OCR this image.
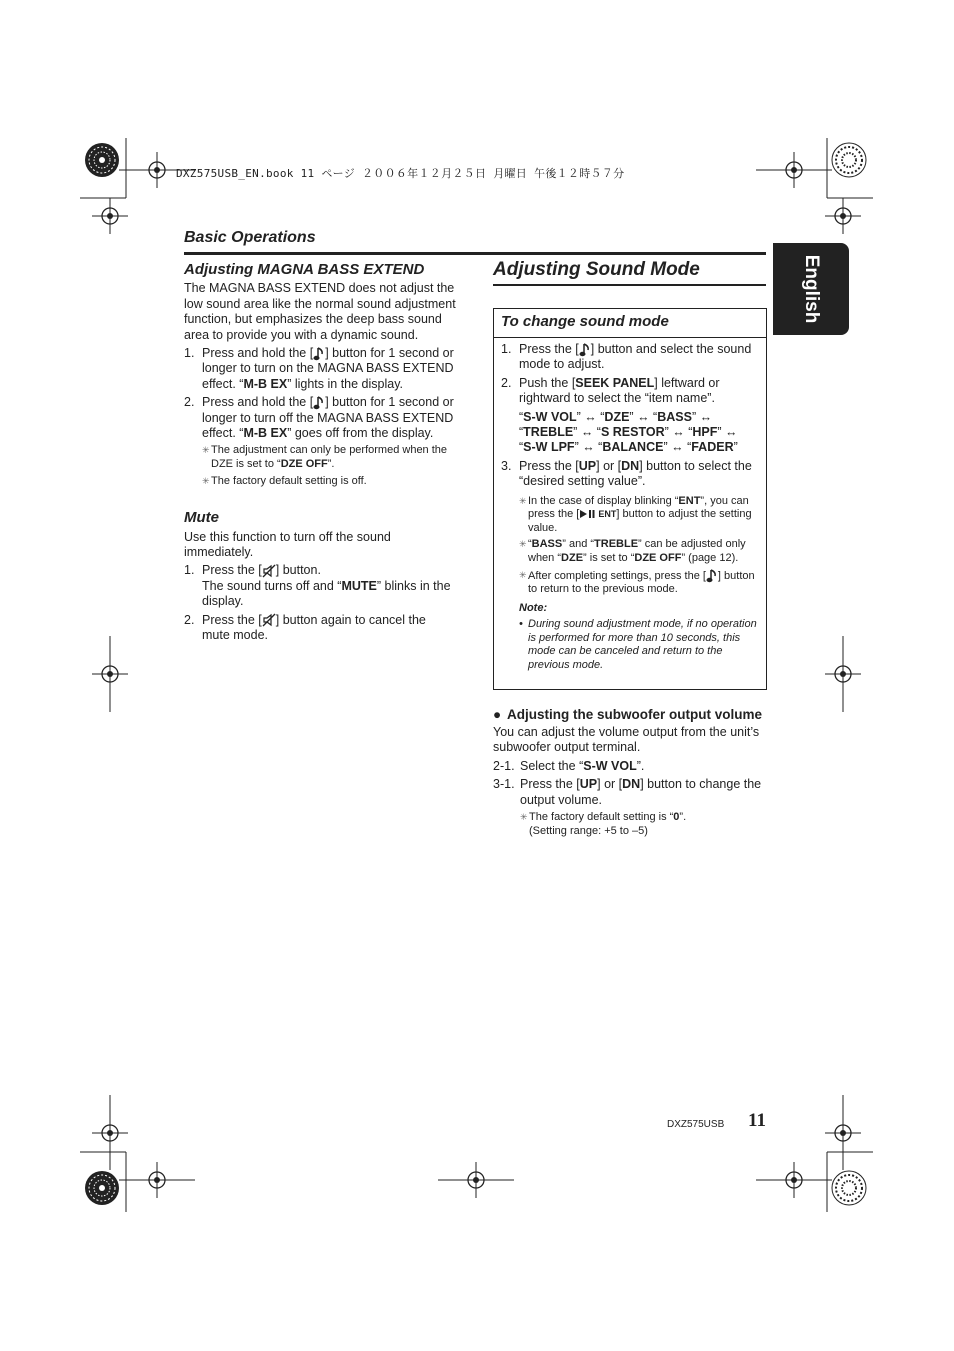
DXZ575USB_EN.book 11 ページ ２００６年１２月２５日 月曜日 午後１２時５７分
Basic Operations
English
Adjusting MAGNA BASS EXTEND

The MAGNA BASS EXTEND does not adjust the low sound area like the normal sound adjustment function, but emphasizes the deep bass sound area to provide you with a dynamic sound.

1. Press and hold the [ ] button for 1 second or longer to turn on the MAGNA BASS EXTEND effect. “M-B EX” lights in the display.
2. Press and hold the [ ] button for 1 second or longer to turn off the MAGNA BASS EXTEND effect. “M-B EX” goes off from the display.
✳ The adjustment can only be performed when the DZE is set to “DZE OFF”.
✳ The factory default setting is off.
Mute

Use this function to turn off the sound immediately.

1. Press the [ ] button.
The sound turns off and “MUTE” blinks in the display.
2. Press the [ ] button again to cancel the mute mode.
Adjusting Sound Mode
To change sound mode
1. Press the [ ] button and select the sound mode to adjust.
2. Push the [SEEK PANEL] leftward or rightward to select the “item name”.
“S-W VOL” ↔ “DZE” ↔ “BASS” ↔
“TREBLE” ↔ “S RESTOR” ↔ “HPF” ↔
“S-W LPF” ↔ “BALANCE” ↔ “FADER”
3. Press the [UP] or [DN] button to select the “desired setting value”.
✳ In the case of display blinking “ENT”, you can press the [ ENT] button to adjust the setting value.
✳ “BASS” and “TREBLE” can be adjusted only when “DZE” is set to “DZE OFF” (page 12).
✳ After completing settings, press the [ ] button to return to the previous mode.
Note:
• During sound adjustment mode, if no operation is performed for more than 10 seconds, this mode can be canceled and return to the previous mode.
● Adjusting the subwoofer output volume

You can adjust the volume output from the unit’s subwoofer output terminal.

2-1. Select the “S-W VOL”.
3-1. Press the [UP] or [DN] button to change the output volume.
✳ The factory default setting is “0”.
(Setting range: +5 to –5)
DXZ575USB 11
